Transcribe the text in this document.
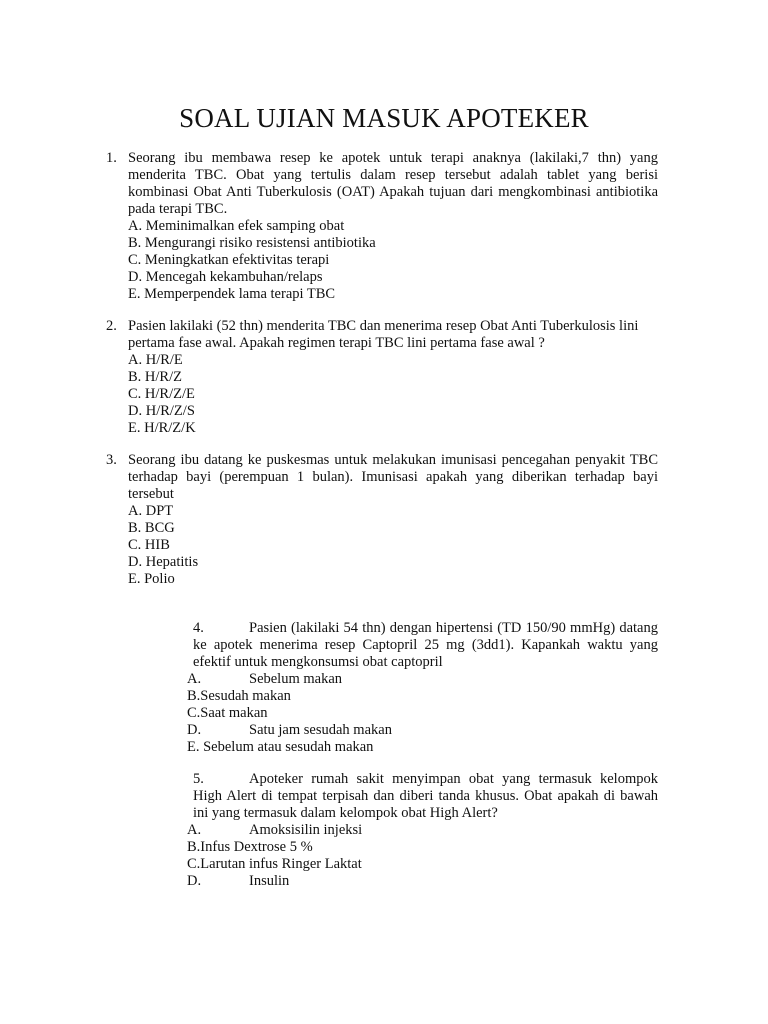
SOAL UJIAN MASUK APOTEKER
1. Seorang ibu membawa resep ke apotek untuk terapi anaknya (lakilaki,7 thn) yang menderita TBC. Obat yang tertulis dalam resep tersebut adalah tablet yang berisi kombinasi Obat Anti Tuberkulosis (OAT) Apakah tujuan dari mengkombinasi antibiotika pada terapi TBC.
A.
Meminimalkan efek samping obat
B.
Mengurangi risiko resistensi antibiotika
C.
Meningkatkan efektivitas terapi
D.
Mencegah kekambuhan/relaps
E.
Memperpendek lama terapi TBC
2. Pasien lakilaki (52 thn) menderita TBC dan menerima resep Obat Anti Tuberkulosis lini pertama fase awal. Apakah regimen terapi TBC lini pertama fase awal ?
A.
H/R/E
B.
H/R/Z
C.
H/R/Z/E
D.
H/R/Z/S
E.
H/R/Z/K
3. Seorang ibu datang ke puskesmas untuk melakukan imunisasi pencegahan penyakit TBC terhadap bayi (perempuan 1 bulan). Imunisasi apakah yang diberikan terhadap bayi tersebut
A.
DPT
B.
BCG
C.
HIB
D.
Hepatitis
E.
Polio
4.	Pasien (lakilaki 54 thn) dengan hipertensi (TD 150/90 mmHg) datang ke apotek menerima resep Captopril 25 mg (3dd1). Kapankah waktu yang efektif untuk mengkonsumsi obat captopril
A.	Sebelum makan
B. Sesudah makan
C. Saat makan
D.	Satu jam sesudah makan
E.
Sebelum atau sesudah makan
5.	Apoteker rumah sakit menyimpan obat yang termasuk kelompok High Alert di tempat terpisah dan diberi tanda khusus. Obat apakah di bawah ini yang termasuk dalam kelompok obat High Alert?
A.	Amoksisilin injeksi
B. Infus Dextrose 5 %
C. Larutan infus Ringer Laktat
D.	Insulin
